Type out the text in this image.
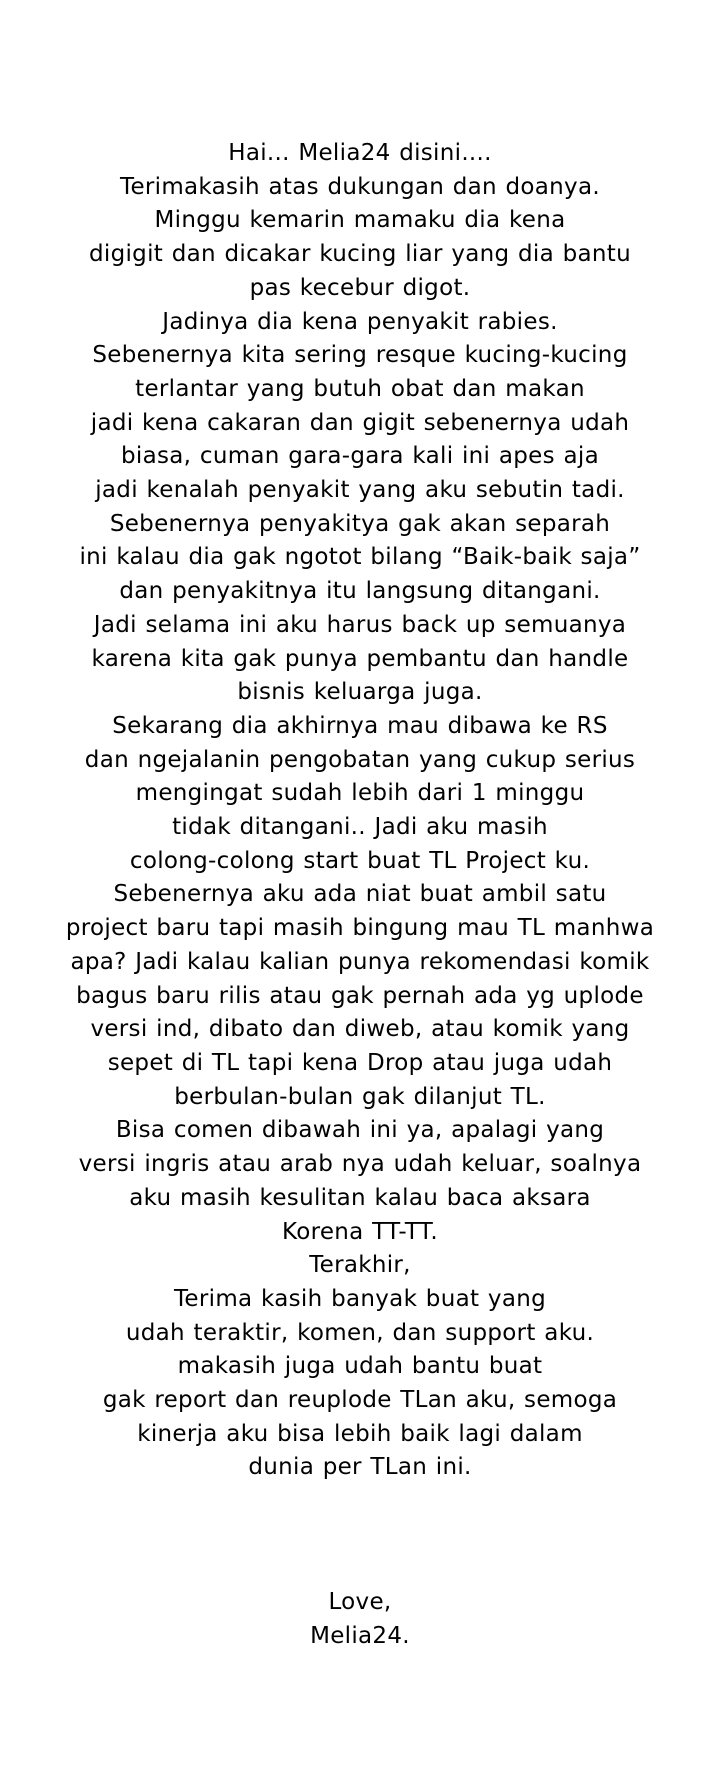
Hai... Melia24 disini....
Terimakasih atas dukungan dan doanya.
Minggu kemarin mamaku dia kena
digigit dan dicakar kucing liar yang dia bantu
pas kecebur digot.
Jadinya dia kena penyakit rabies.
Sebenernya kita sering resque kucing-kucing
terlantar yang butuh obat dan makan
jadi kena cakaran dan gigit sebenernya udah
biasa, cuman gara-gara kali ini apes aja
jadi kenalah penyakit yang aku sebutin tadi.
Sebenernya penyakitya gak akan separah
ini kalau dia gak ngotot bilang “Baik-baik saja”
dan penyakitnya itu langsung ditangani.
Jadi selama ini aku harus back up semuanya
karena kita gak punya pembantu dan handle
bisnis keluarga juga.
Sekarang dia akhirnya mau dibawa ke RS
dan ngejalanin pengobatan yang cukup serius
mengingat sudah lebih dari 1 minggu
tidak ditangani.. Jadi aku masih
colong-colong start buat TL Project ku.
Sebenernya aku ada niat buat ambil satu
project baru tapi masih bingung mau TL manhwa
apa? Jadi kalau kalian punya rekomendasi komik
bagus baru rilis atau gak pernah ada yg uplode
versi ind, dibato dan diweb, atau komik yang
sepet di TL tapi kena Drop atau juga udah
berbulan-bulan gak dilanjut TL.
Bisa comen dibawah ini ya, apalagi yang
versi ingris atau arab nya udah keluar, soalnya
aku masih kesulitan kalau baca aksara
Korena TT-TT.
Terakhir,
Terima kasih banyak buat yang
udah teraktir, komen, dan support aku.
makasih juga udah bantu buat
gak report dan reuplode TLan aku, semoga
kinerja aku bisa lebih baik lagi dalam
dunia per TLan ini.
Love,
Melia24.
